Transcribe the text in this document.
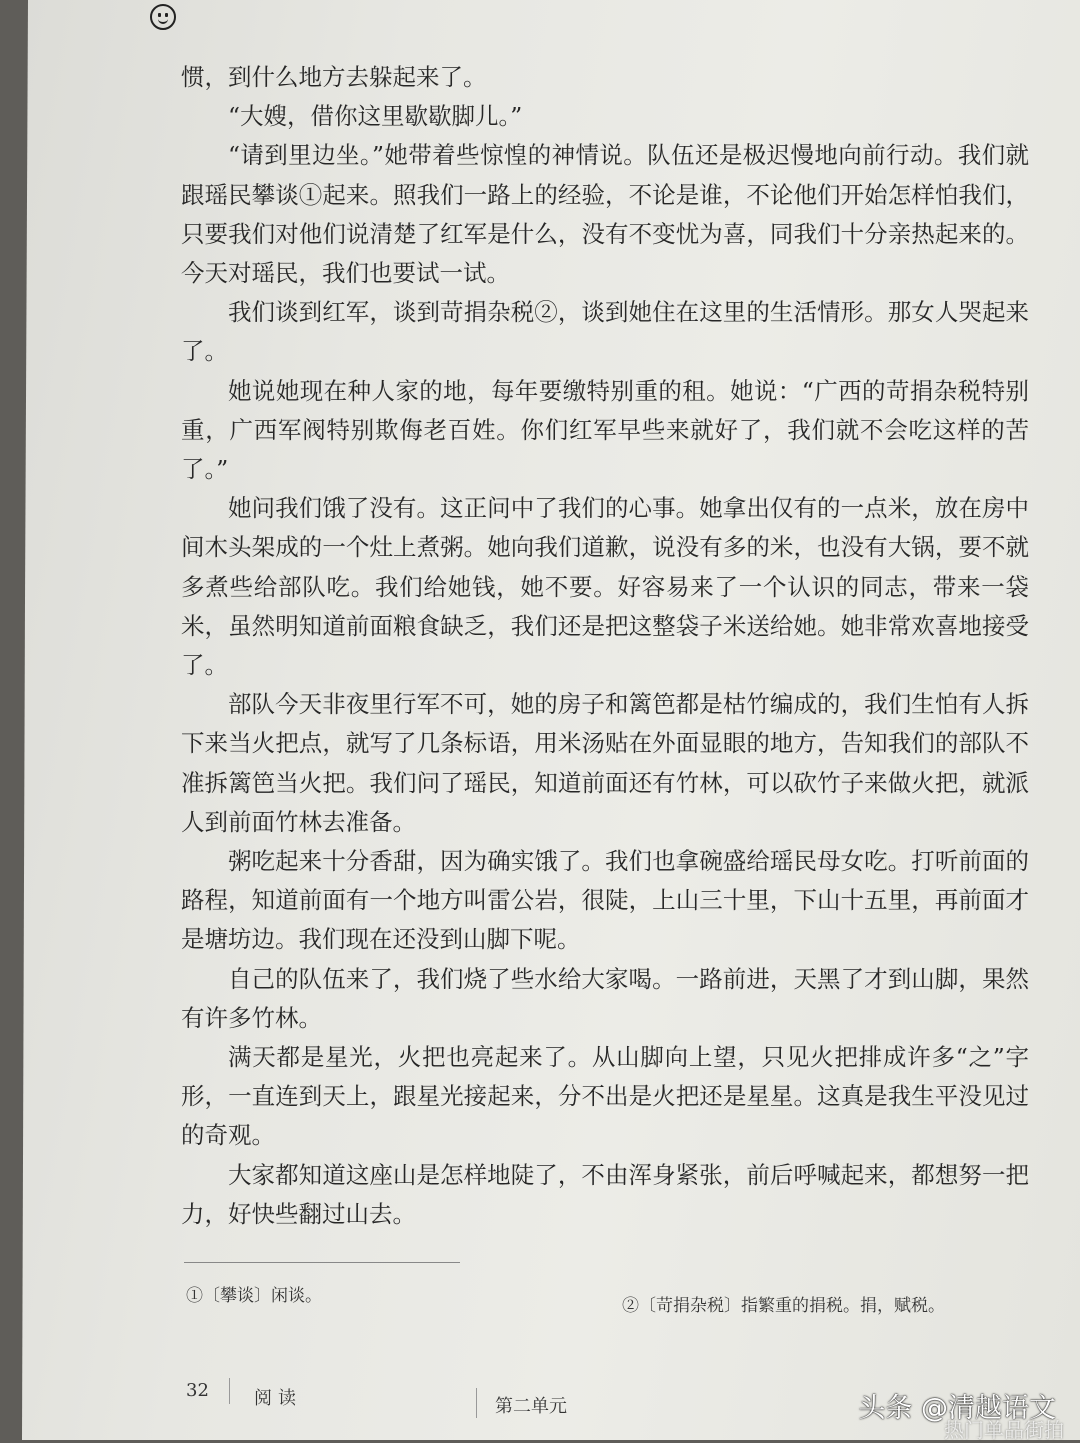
惯，到什么地方去躲起来了。

“大嫂，借你这里歇歇脚儿。”

“请到里边坐。”她带着些惊惶的神情说。队伍还是极迟慢地向前行动。我们就跟瑶民攀谈①起来。照我们一路上的经验，不论是谁，不论他们开始怎样怕我们，只要我们对他们说清楚了红军是什么，没有不变忧为喜，同我们十分亲热起来的。今天对瑶民，我们也要试一试。

我们谈到红军，谈到苛捐杂税②，谈到她住在这里的生活情形。那女人哭起来了。

她说她现在种人家的地，每年要缴特别重的租。她说：“广西的苛捐杂税特别重，广西军阀特别欺侮老百姓。你们红军早些来就好了，我们就不会吃这样的苦了。”

她问我们饿了没有。这正问中了我们的心事。她拿出仅有的一点米，放在房中间木头架成的一个灶上煮粥。她向我们道歉，说没有多的米，也没有大锅，要不就多煮些给部队吃。我们给她钱，她不要。好容易来了一个认识的同志，带来一袋米，虽然明知道前面粮食缺乏，我们还是把这整袋子米送给她。她非常欢喜地接受了。

部队今天非夜里行军不可，她的房子和篱笆都是枯竹编成的，我们生怕有人拆下来当火把点，就写了几条标语，用米汤贴在外面显眼的地方，告知我们的部队不准拆篱笆当火把。我们问了瑶民，知道前面还有竹林，可以砍竹子来做火把，就派人到前面竹林去准备。

粥吃起来十分香甜，因为确实饿了。我们也拿碗盛给瑶民母女吃。打听前面的路程，知道前面有一个地方叫雷公岩，很陡，上山三十里，下山十五里，再前面才是塘坊边。我们现在还没到山脚下呢。

自己的队伍来了，我们烧了些水给大家喝。一路前进，天黑了才到山脚，果然有许多竹林。

满天都是星光，火把也亮起来了。从山脚向上望，只见火把排成许多“之”字形，一直连到天上，跟星光接起来，分不出是火把还是星星。这真是我生平没见过的奇观。

大家都知道这座山是怎样地陡了，不由浑身紧张，前后呼喊起来，都想努一把力，好快些翻过山去。

①〔攀谈〕闲谈。	②〔苛捐杂税〕指繁重的捐税。捐，赋税。
32	阅读	第二单元	头条 @清越语文
热门单品街拍
